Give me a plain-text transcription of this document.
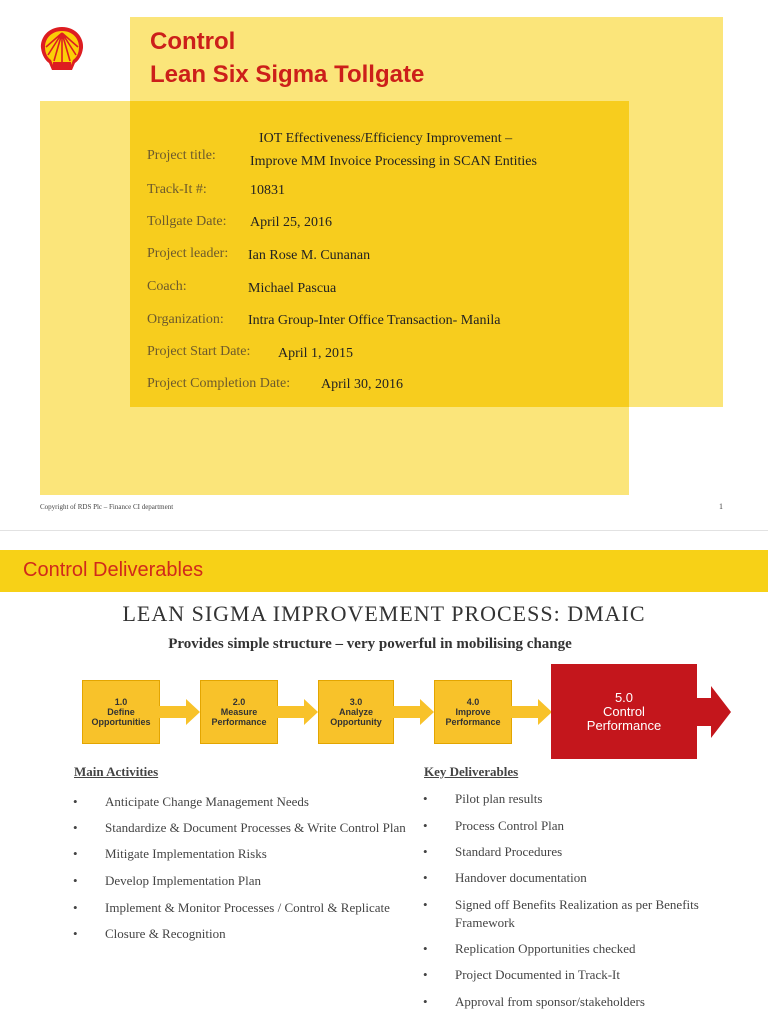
Control
Lean Six Sigma Tollgate
Project title:
IOT Effectiveness/Efficiency Improvement –
Improve MM Invoice Processing in SCAN Entities
Track-It #:	10831
Tollgate Date: April 25, 2016
Project leader: Ian Rose M. Cunanan
Coach:	Michael Pascua
Organization: Intra Group-Inter Office Transaction- Manila
Project Start Date: April 1, 2015
Project Completion Date: April 30, 2016
Copyright of RDS Plc – Finance CI department	1
Control Deliverables
LEAN SIGMA IMPROVEMENT PROCESS: DMAIC
Provides simple structure – very powerful in mobilising change
1.0
Define
Opportunities
2.0
Measure
Performance
3.0
Analyze
Opportunity
4.0
Improve
Performance
5.0
Control
Performance
Main Activities
• Anticipate Change Management Needs
• Standardize & Document Processes & Write Control Plan
• Mitigate Implementation Risks
• Develop Implementation Plan
• Implement & Monitor Processes / Control & Replicate
• Closure & Recognition
Key Deliverables
• Pilot plan results
• Process Control Plan
• Standard Procedures
• Handover documentation
• Signed off Benefits Realization as per Benefits
Framework
• Replication Opportunities checked
• Project Documented in Track-It
• Approval from sponsor/stakeholders
